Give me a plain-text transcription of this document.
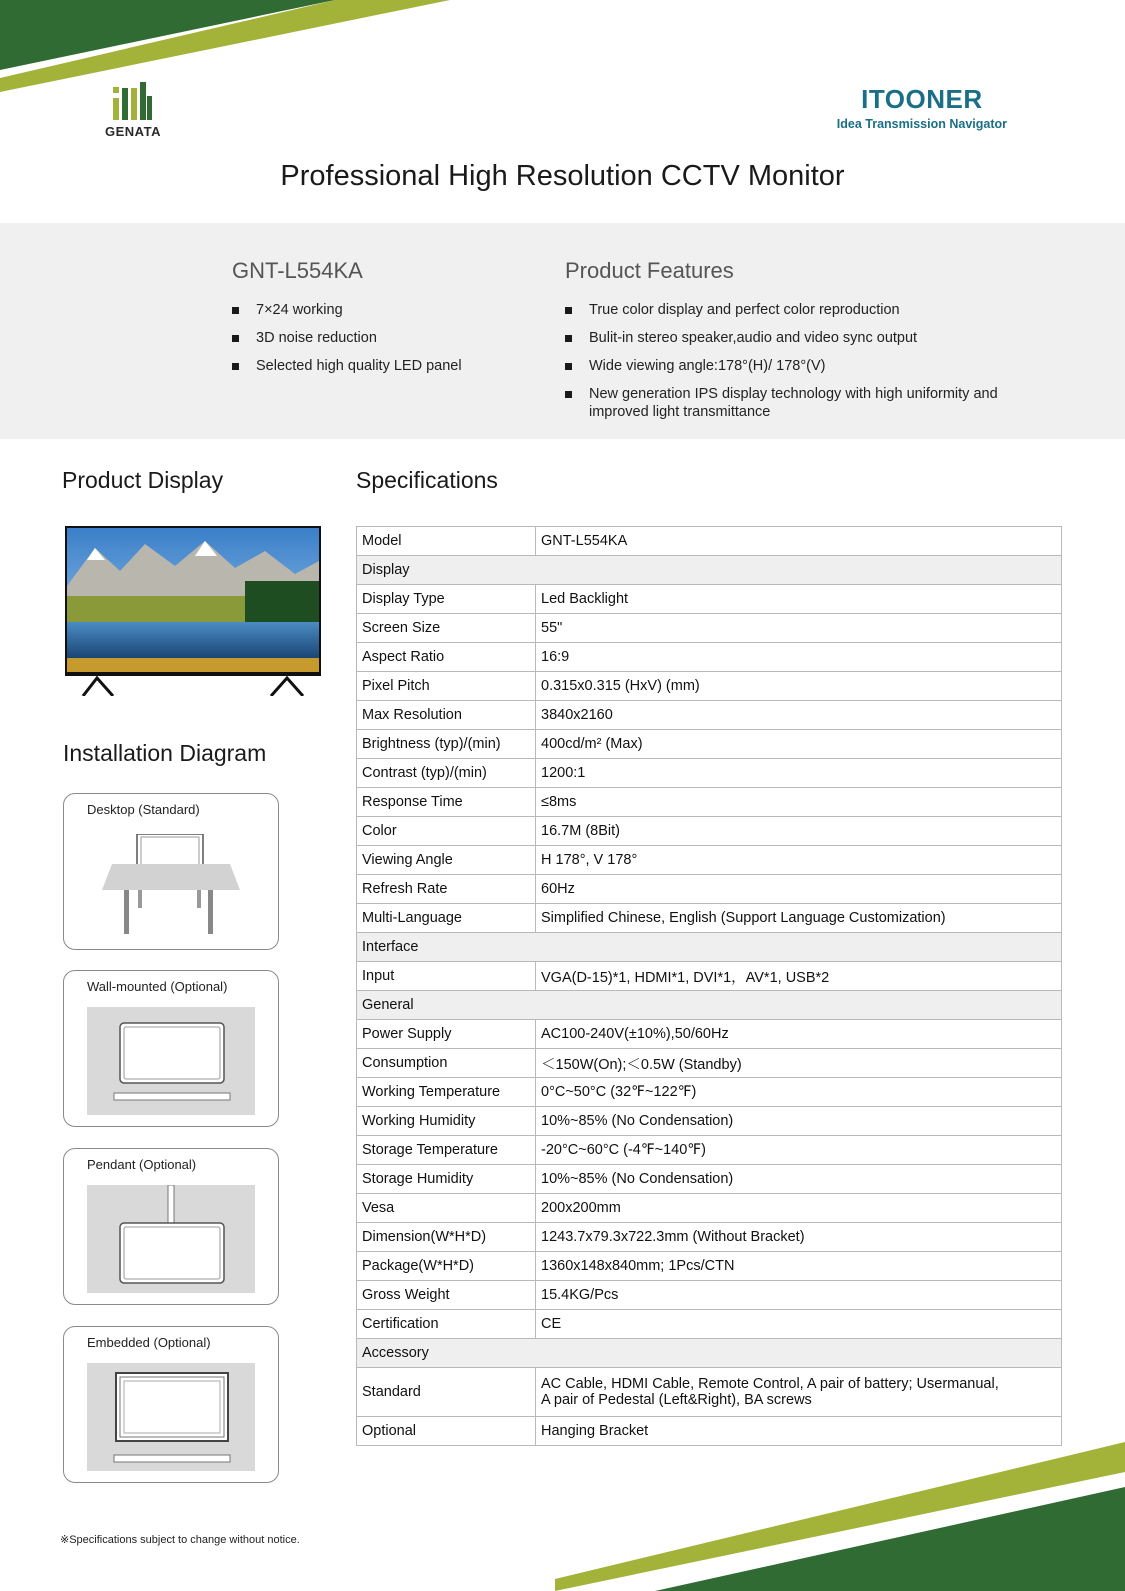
GENATA
ITOONER
Idea Transmission Navigator
Professional High Resolution CCTV Monitor
GNT-L554KA	Product Features
7×24 working
3D noise reduction
Selected high quality LED panel
True color display and perfect color reproduction
Bulit-in stereo speaker,audio and video sync output
Wide viewing angle:178°(H)/ 178°(V)
New generation IPS display technology with high uniformity and improved light transmittance
Product Display	Specifications
Installation Diagram
Desktop (Standard)
Wall-mounted (Optional)
Pendant (Optional)
Embedded (Optional)
Model	GNT-L554KA
Display	
Display Type	Led Backlight
Screen Size	55"
Aspect Ratio	16:9
Pixel Pitch	0.315x0.315 (HxV) (mm)
Max Resolution	3840x2160
Brightness (typ)/(min)	400cd/m² (Max)
Contrast (typ)/(min)	1200:1
Response Time	≤8ms
Color	16.7M (8Bit)
Viewing Angle	H 178°, V 178°
Refresh Rate	60Hz
Multi-Language	Simplified Chinese, English (Support Language Customization)
Interface	
Input	VGA(D-15)*1, HDMI*1, DVI*1，AV*1, USB*2
General	
Power Supply	AC100-240V(±10%),50/60Hz
Consumption	＜150W(On);＜0.5W (Standby)
Working Temperature	0°C~50°C (32℉~122℉)
Working Humidity	10%~85% (No Condensation)
Storage Temperature	-20°C~60°C (-4℉~140℉)
Storage Humidity	10%~85% (No Condensation)
Vesa	200x200mm
Dimension(W*H*D)	1243.7x79.3x722.3mm (Without Bracket)
Package(W*H*D)	1360x148x840mm; 1Pcs/CTN
Gross Weight	15.4KG/Pcs
Certification	CE
Accessory	
Standard	AC Cable, HDMI Cable, Remote Control, A pair of battery; Usermanual,
A pair of Pedestal (Left&Right), BA screws
Optional	Hanging Bracket
※Specifications subject to change without notice.
